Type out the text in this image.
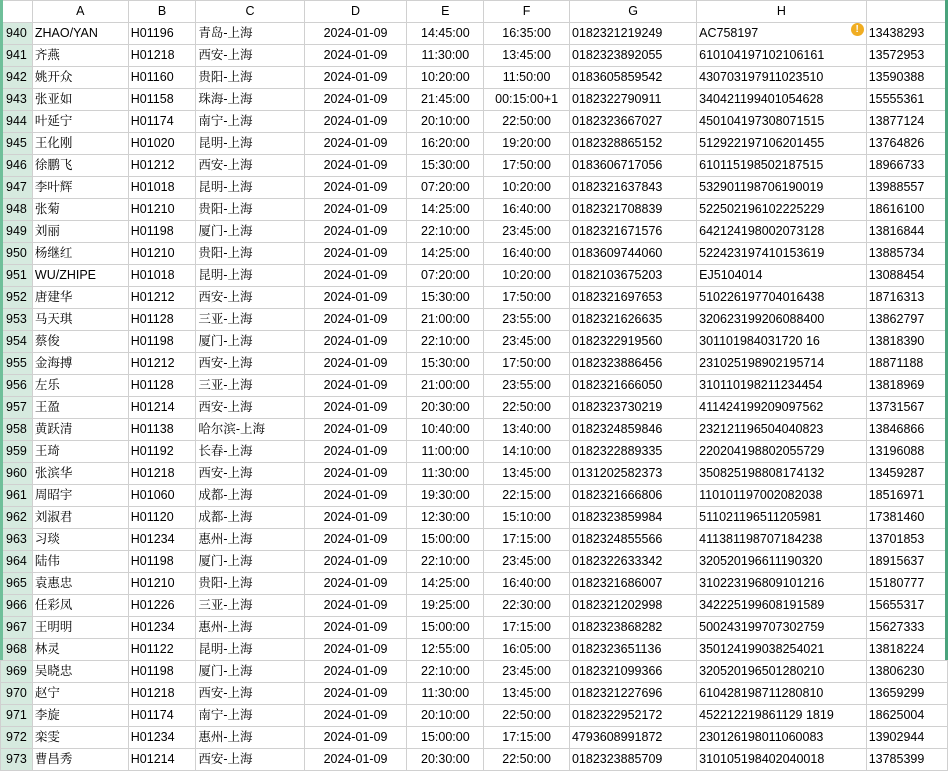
	A	B	C	D	E	F	G	H	
940	ZHAO/YAN	H01196	青岛-上海	2024-01-09	14:45:00	16:35:00	0182321219249	AC758197 !	13438293
941	齐燕	H01218	西安-上海	2024-01-09	11:30:00	13:45:00	0182323892055	610104197102106161	13572953
942	姚开众	H01160	贵阳-上海	2024-01-09	10:20:00	11:50:00	0183605859542	430703197911023510	13590388
943	张亚如	H01158	珠海-上海	2024-01-09	21:45:00	00:15:00+1	0182322790911	340421199401054628	15555361
944	叶延宁	H01174	南宁-上海	2024-01-09	20:10:00	22:50:00	0182323667027	450104197308071515	13877124
945	王化刚	H01020	昆明-上海	2024-01-09	16:20:00	19:20:00	0182328865152	512922197106201455	13764826
946	徐鹏飞	H01212	西安-上海	2024-01-09	15:30:00	17:50:00	0183606717056	610115198502187515	18966733
947	李叶辉	H01018	昆明-上海	2024-01-09	07:20:00	10:20:00	0182321637843	532901198706190019	13988557
948	张菊	H01210	贵阳-上海	2024-01-09	14:25:00	16:40:00	0182321708839	522502196102225229	18616100
949	刘丽	H01198	厦门-上海	2024-01-09	22:10:00	23:45:00	0182321671576	642124198002073128	13816844
950	杨继红	H01210	贵阳-上海	2024-01-09	14:25:00	16:40:00	0183609744060	522423197410153619	13885734
951	WU/ZHIPE	H01018	昆明-上海	2024-01-09	07:20:00	10:20:00	0182103675203	EJ5104014	13088454
952	唐建华	H01212	西安-上海	2024-01-09	15:30:00	17:50:00	0182321697653	510226197704016438	18716313
953	马天琪	H01128	三亚-上海	2024-01-09	21:00:00	23:55:00	0182321626635	320623199206088400	13862797
954	蔡俊	H01198	厦门-上海	2024-01-09	22:10:00	23:45:00	0182322919560	301101984031720 16	13818390
955	金海搏	H01212	西安-上海	2024-01-09	15:30:00	17:50:00	0182323886456	231025198902195714	18871188
956	左乐	H01128	三亚-上海	2024-01-09	21:00:00	23:55:00	0182321666050	310110198211234454	13818969
957	王盈	H01214	西安-上海	2024-01-09	20:30:00	22:50:00	0182323730219	411424199209097562	13731567
958	黄跃清	H01138	哈尔滨-上海	2024-01-09	10:40:00	13:40:00	0182324859846	232121196504040823	13846866
959	王琦	H01192	长春-上海	2024-01-09	11:00:00	14:10:00	0182322889335	220204198802055729	13196088
960	张滨华	H01218	西安-上海	2024-01-09	11:30:00	13:45:00	0131202582373	350825198808174132	13459287
961	周昭宇	H01060	成都-上海	2024-01-09	19:30:00	22:15:00	0182321666806	110101197002082038	18516971
962	刘淑君	H01120	成都-上海	2024-01-09	12:30:00	15:10:00	0182323859984	511021196511205981	17381460
963	习琰	H01234	惠州-上海	2024-01-09	15:00:00	17:15:00	0182324855566	411381198707184238	13701853
964	陆伟	H01198	厦门-上海	2024-01-09	22:10:00	23:45:00	0182322633342	320520196611190320	18915637
965	袁惠忠	H01210	贵阳-上海	2024-01-09	14:25:00	16:40:00	0182321686007	310223196809101216	15180777
966	任彩凤	H01226	三亚-上海	2024-01-09	19:25:00	22:30:00	0182321202998	342225199608191589	15655317
967	王明明	H01234	惠州-上海	2024-01-09	15:00:00	17:15:00	0182323868282	500243199707302759	15627333
968	林灵	H01122	昆明-上海	2024-01-09	12:55:00	16:05:00	0182323651136	350124199038254021	13818224
969	吴晓忠	H01198	厦门-上海	2024-01-09	22:10:00	23:45:00	0182321099366	320520196501280210	13806230
970	赵宁	H01218	西安-上海	2024-01-09	11:30:00	13:45:00	0182321227696	610428198711280810	13659299
971	李旋	H01174	南宁-上海	2024-01-09	20:10:00	22:50:00	0182322952172	452212219861129 1819	18625004
972	栾雯	H01234	惠州-上海	2024-01-09	15:00:00	17:15:00	4793608991872	230126198011060083	13902944
973	曹昌秀	H01214	西安-上海	2024-01-09	20:30:00	22:50:00	0182323885709	310105198402040018	13785399
